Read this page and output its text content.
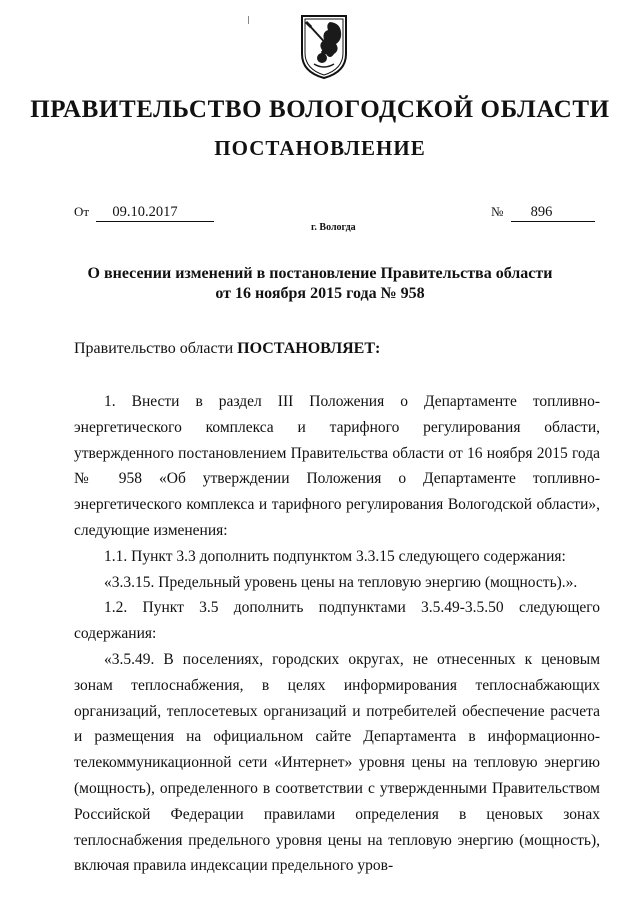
ПРАВИТЕЛЬСТВО ВОЛОГОДСКОЙ ОБЛАСТИ
ПОСТАНОВЛЕНИЕ
От 09.10.2017	№ 896
г. Вологда
О внесении изменений в постановление Правительства области
от 16 ноября 2015 года № 958
Правительство области ПОСТАНОВЛЯЕТ:

1. Внести в раздел III Положения о Департаменте топливно-энергетического комплекса и тарифного регулирования области, утвержденного постановлением Правительства области от 16 ноября 2015 года № 958 «Об утверждении Положения о Департаменте топливно-энергетического комплекса и тарифного регулирования Вологодской области», следующие изменения:

1.1. Пункт 3.3 дополнить подпунктом 3.3.15 следующего содержания:

«3.3.15. Предельный уровень цены на тепловую энергию (мощность).».

1.2. Пункт 3.5 дополнить подпунктами 3.5.49-3.5.50 следующего содержания:

«3.5.49. В поселениях, городских округах, не отнесенных к ценовым зонам теплоснабжения, в целях информирования теплоснабжающих организаций, теплосетевых организаций и потребителей обеспечение расчета и размещения на официальном сайте Департамента в информационно-телекоммуникационной сети «Интернет» уровня цены на тепловую энергию (мощность), определенного в соответствии с утвержденными Правительством Российской Федерации правилами определения в ценовых зонах теплоснабжения предельного уровня цены на тепловую энергию (мощность), включая правила индексации предельного уров-
